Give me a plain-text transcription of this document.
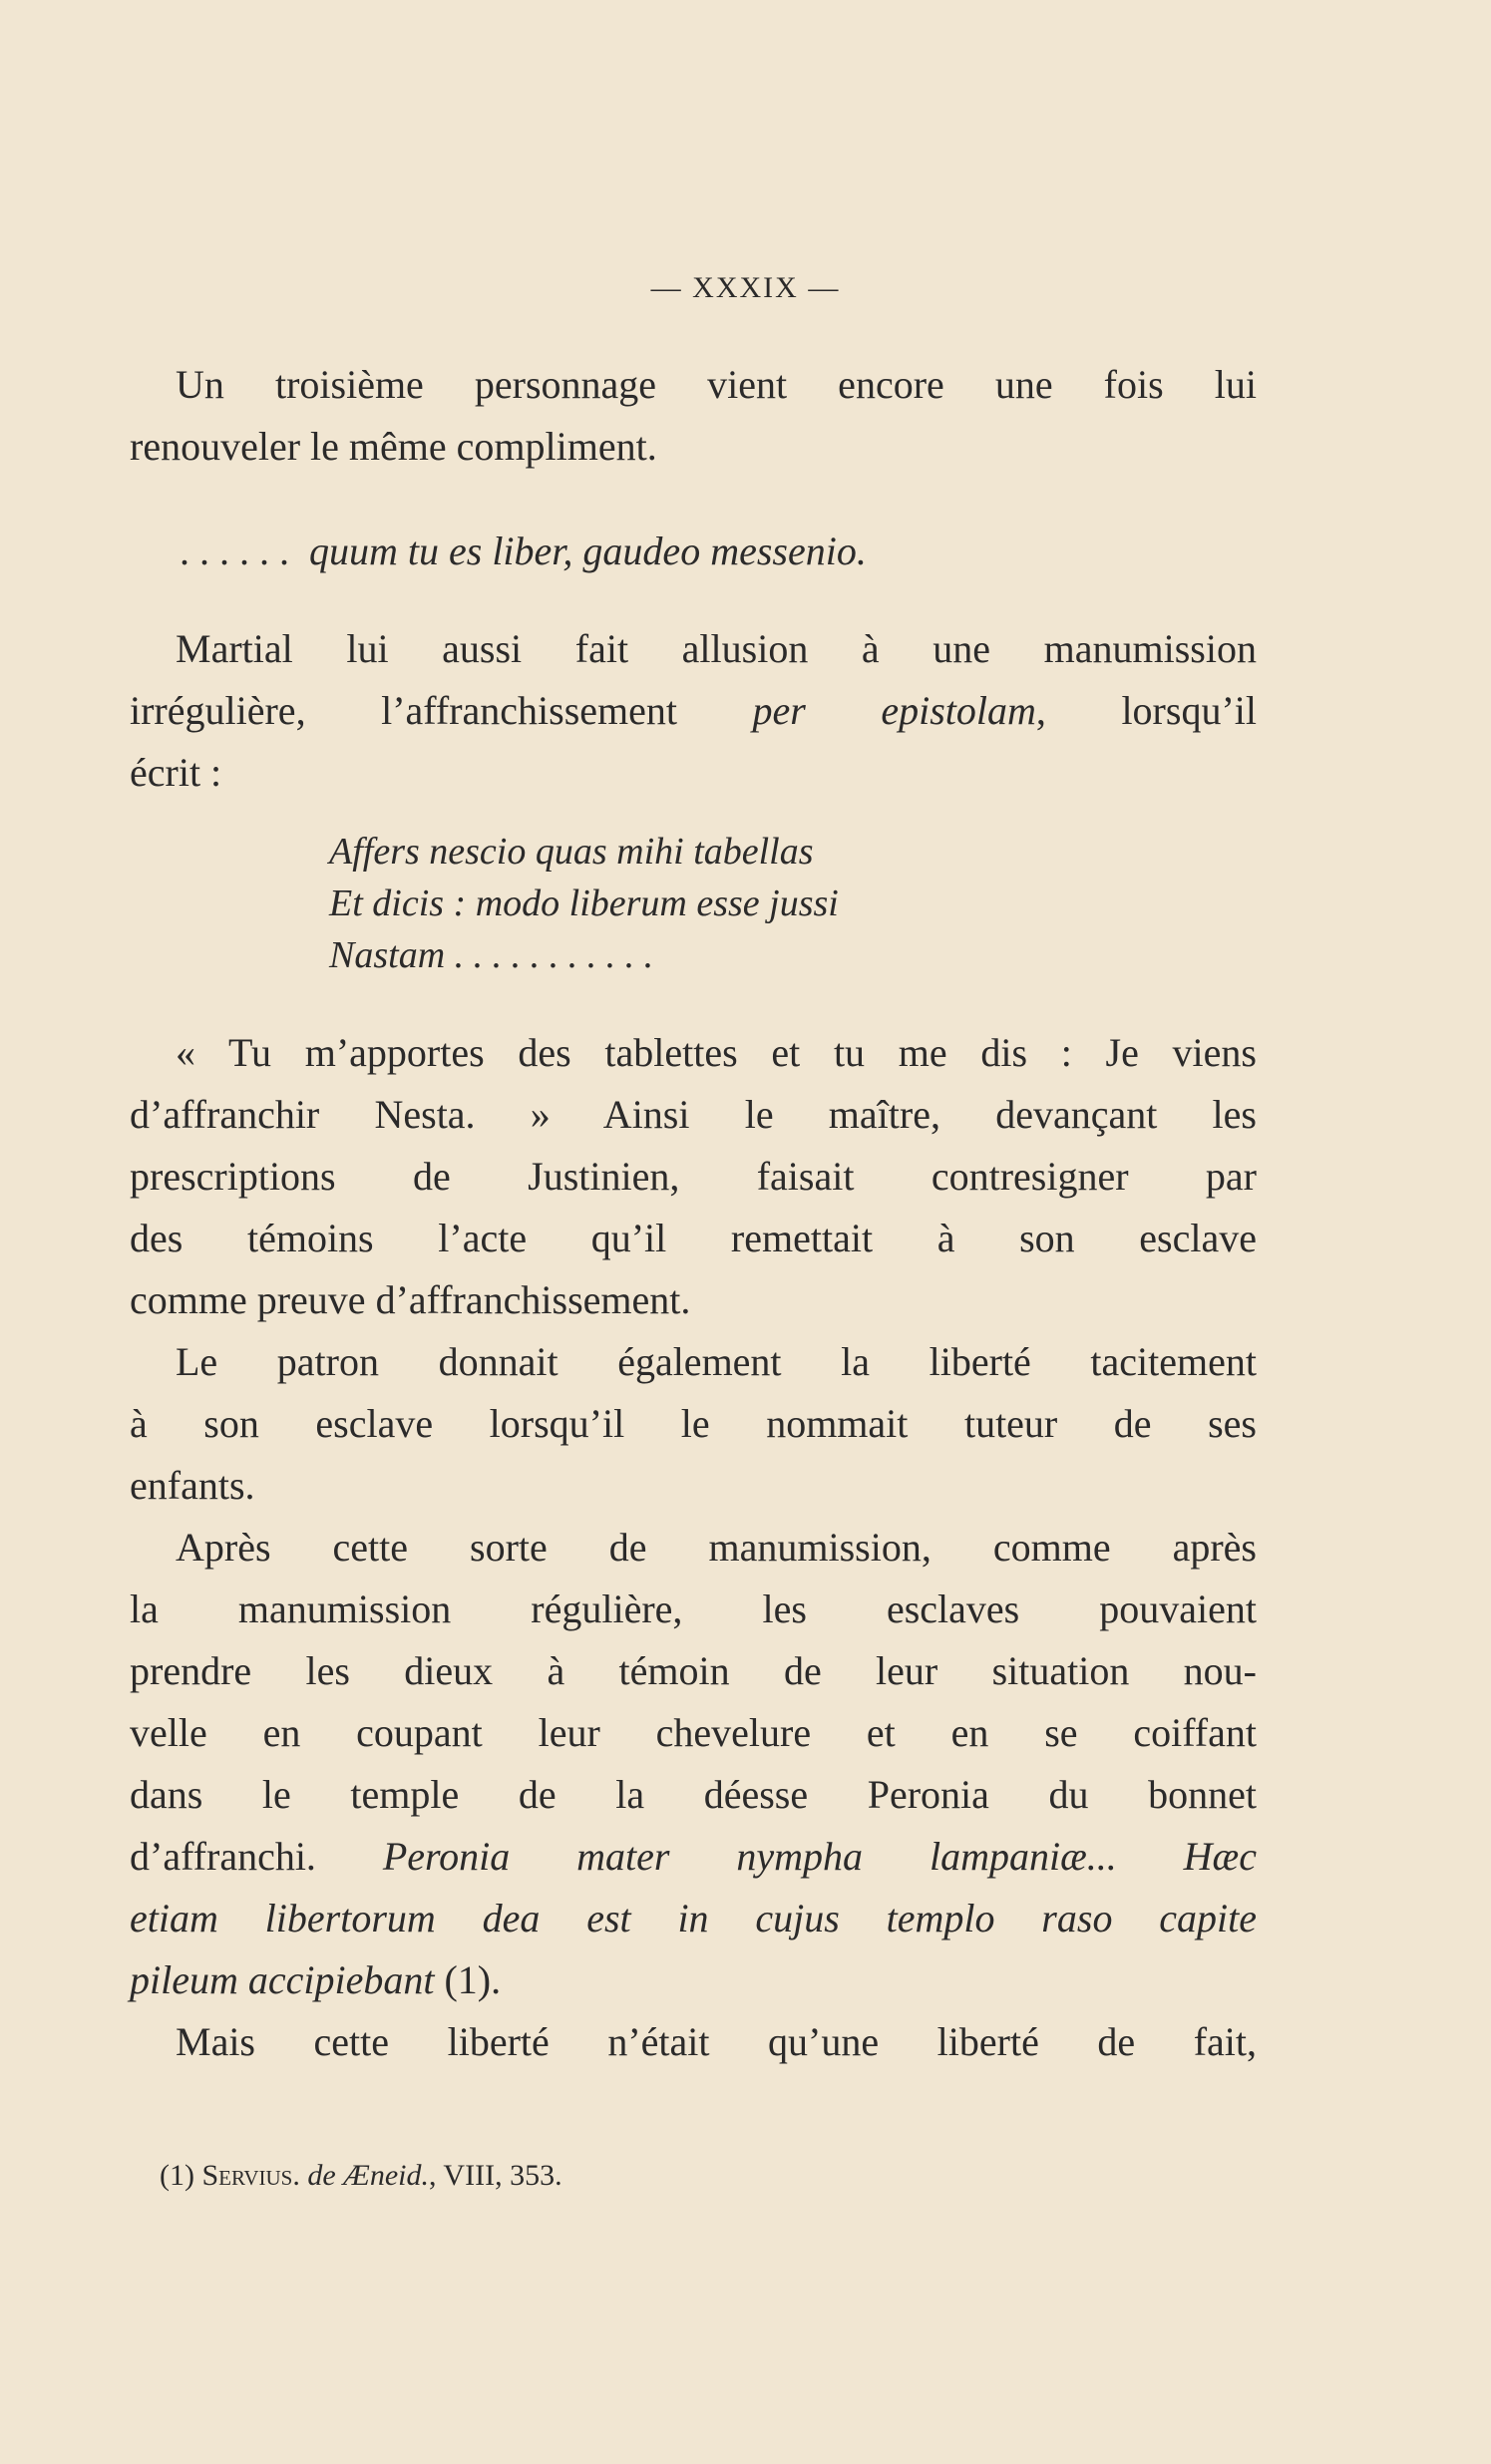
— XXXIX —
Un troisième personnage vient encore une fois lui
renouveler le même compliment.
. . . . . . quum tu es liber, gaudeo messenio.
Martial lui aussi fait allusion à une manumission
irrégulière, l’affranchissement per epistolam, lorsqu’il
écrit :
Affers nescio quas mihi tabellas
Et dicis : modo liberum esse jussi
Nastam . . . . . . . . . . .
« Tu m’apportes des tablettes et tu me dis : Je viens
d’affranchir Nesta. » Ainsi le maître, devançant les
prescriptions de Justinien, faisait contresigner par
des témoins l’acte qu’il remettait à son esclave
comme preuve d’affranchissement.
Le patron donnait également la liberté tacitement
à son esclave lorsqu’il le nommait tuteur de ses
enfants.
Après cette sorte de manumission, comme après
la manumission régulière, les esclaves pouvaient
prendre les dieux à témoin de leur situation nou-
velle en coupant leur chevelure et en se coiffant
dans le temple de la déesse Peronia du bonnet
d’affranchi. Peronia mater nympha lampaniæ... Hæc
etiam libertorum dea est in cujus templo raso capite
pileum accipiebant (1).
Mais cette liberté n’était qu’une liberté de fait,
(1) Servius. de Æneid., VIII, 353.
